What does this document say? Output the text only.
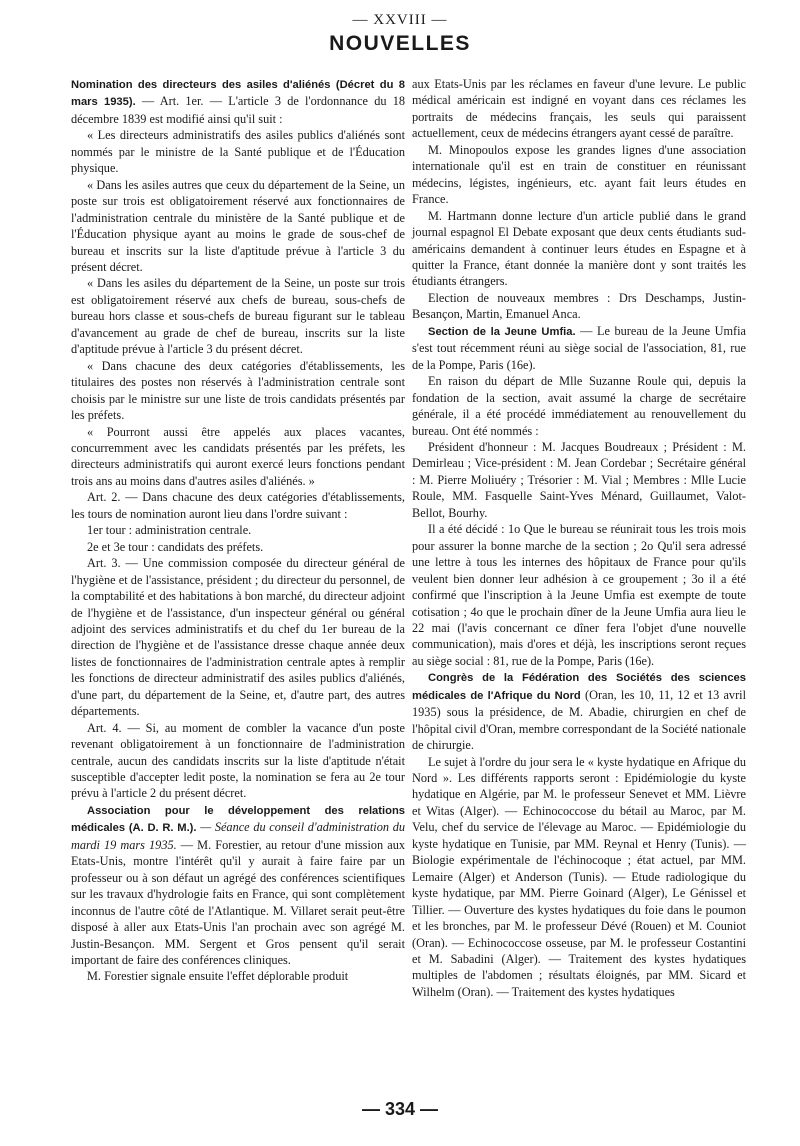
— XXVIII —
NOUVELLES

Nomination des directeurs des asiles d'aliénés (Décret du 8 mars 1935). — Art. 1er. — L'article 3 de l'ordonnance du 18 décembre 1839 est modifié ainsi qu'il suit :

« Les directeurs administratifs des asiles publics d'aliénés sont nommés par le ministre de la Santé publique et de l'Éducation physique.

« Dans les asiles autres que ceux du département de la Seine, un poste sur trois est obligatoirement réservé aux fonctionnaires de l'administration centrale du ministère de la Santé publique et de l'Éducation physique ayant au moins le grade de sous-chef de bureau et inscrits sur la liste d'aptitude prévue à l'article 3 du présent décret.

« Dans les asiles du département de la Seine, un poste sur trois est obligatoirement réservé aux chefs de bureau, sous-chefs de bureau hors classe et sous-chefs de bureau figurant sur le tableau d'avancement au grade de chef de bureau, inscrits sur la liste d'aptitude prévue à l'article 3 du présent décret.

« Dans chacune des deux catégories d'établissements, les titulaires des postes non réservés à l'administration centrale sont choisis par le ministre sur une liste de trois candidats présentés par les préfets.

« Pourront aussi être appelés aux places vacantes, concurremment avec les candidats présentés par les préfets, les directeurs administratifs qui auront exercé leurs fonctions pendant trois ans au moins dans d'autres asiles d'aliénés. »

Art. 2. — Dans chacune des deux catégories d'établissements, les tours de nomination auront lieu dans l'ordre suivant :

1er tour : administration centrale.

2e et 3e tour : candidats des préfets.

Art. 3. — Une commission composée du directeur général de l'hygiène et de l'assistance, président ; du directeur du personnel, de la comptabilité et des habitations à bon marché, du directeur adjoint de l'hygiène et de l'assistance, d'un inspecteur général ou général adjoint des services administratifs et du chef du 1er bureau de la direction de l'hygiène et de l'assistance dresse chaque année deux listes de fonctionnaires de l'administration centrale aptes à remplir les fonctions de directeur administratif des asiles publics d'aliénés, d'une part, du département de la Seine, et, d'autre part, des autres départements.

Art. 4. — Si, au moment de combler la vacance d'un poste revenant obligatoirement à un fonctionnaire de l'administration centrale, aucun des candidats inscrits sur la liste d'aptitude n'était susceptible d'accepter ledit poste, la nomination se fera au 2e tour prévu à l'article 2 du présent décret.

Association pour le développement des relations médicales (A. D. R. M.). — Séance du conseil d'administration du mardi 19 mars 1935. — M. Forestier, au retour d'une mission aux Etats-Unis, montre l'intérêt qu'il y aurait à faire faire par un professeur ou à son défaut un agrégé des conférences scientifiques sur les travaux d'hydrologie faits en France, qui sont complètement inconnus de l'autre côté de l'Atlantique. M. Villaret serait peut-être disposé à aller aux Etats-Unis l'an prochain avec son agrégé M. Justin-Besançon. MM. Sergent et Gros pensent qu'il serait important de faire des conférences cliniques.

M. Forestier signale ensuite l'effet déplorable produit

aux Etats-Unis par les réclames en faveur d'une levure. Le public médical américain est indigné en voyant dans ces réclames les portraits de médecins français, les seuls qui paraissent actuellement, ceux de médecins étrangers ayant cessé de paraître.

M. Minopoulos expose les grandes lignes d'une association internationale qu'il est en train de constituer en réunissant médecins, légistes, ingénieurs, etc. ayant fait leurs études en France.

M. Hartmann donne lecture d'un article publié dans le grand journal espagnol El Debate exposant que deux cents étudiants sud-américains demandent à continuer leurs études en Espagne et à quitter la France, étant donnée la manière dont y sont traités les étudiants étrangers.

Election de nouveaux membres : Drs Deschamps, Justin-Besançon, Martin, Emanuel Anca.

Section de la Jeune Umfia. — Le bureau de la Jeune Umfia s'est tout récemment réuni au siège social de l'association, 81, rue de la Pompe, Paris (16e).

En raison du départ de Mlle Suzanne Roule qui, depuis la fondation de la section, avait assumé la charge de secrétaire générale, il a été procédé immédiatement au renouvellement du bureau. Ont été nommés :

Président d'honneur : M. Jacques Boudreaux ; Président : M. Demirleau ; Vice-président : M. Jean Cordebar ; Secrétaire général : M. Pierre Moliuéry ; Trésorier : M. Vial ; Membres : Mlle Lucie Roule, MM. Fasquelle Saint-Yves Ménard, Guillaumet, Valot-Bellot, Bourhy.

Il a été décidé : 1o Que le bureau se réunirait tous les trois mois pour assurer la bonne marche de la section ; 2o Qu'il sera adressé une lettre à tous les internes des hôpitaux de France pour qu'ils veulent bien donner leur adhésion à ce groupement ; 3o il a été confirmé que l'inscription à la Jeune Umfia est exempte de toute cotisation ; 4o que le prochain dîner de la Jeune Umfia aura lieu le 22 mai (l'avis concernant ce dîner fera l'objet d'une nouvelle communication), mais d'ores et déjà, les inscriptions seront reçues au siège social : 81, rue de la Pompe, Paris (16e).

Congrès de la Fédération des Sociétés des sciences médicales de l'Afrique du Nord (Oran, les 10, 11, 12 et 13 avril 1935) sous la présidence, de M. Abadie, chirurgien en chef de l'hôpital civil d'Oran, membre correspondant de la Société nationale de chirurgie.

Le sujet à l'ordre du jour sera le « kyste hydatique en Afrique du Nord ». Les différents rapports seront : Epidémiologie du kyste hydatique en Algérie, par M. le professeur Senevet et MM. Lièvre et Witas (Alger). — Echinococcose du bétail au Maroc, par M. Velu, chef du service de l'élevage au Maroc. — Epidémiologie du kyste hydatique en Tunisie, par MM. Reynal et Henry (Tunis). — Biologie expérimentale de l'échinocoque ; état actuel, par MM. Lemaire (Alger) et Anderson (Tunis). — Etude radiologique du kyste hydatique, par MM. Pierre Goinard (Alger), Le Génissel et Tillier. — Ouverture des kystes hydatiques du foie dans le poumon et les bronches, par M. le professeur Dévé (Rouen) et M. Couniot (Oran). — Echinococcose osseuse, par M. le professeur Costantini et M. Sabadini (Alger). — Traitement des kystes hydatiques multiples de l'abdomen ; résultats éloignés, par MM. Sicard et Wilhelm (Oran). — Traitement des kystes hydatiques

— 334 —
